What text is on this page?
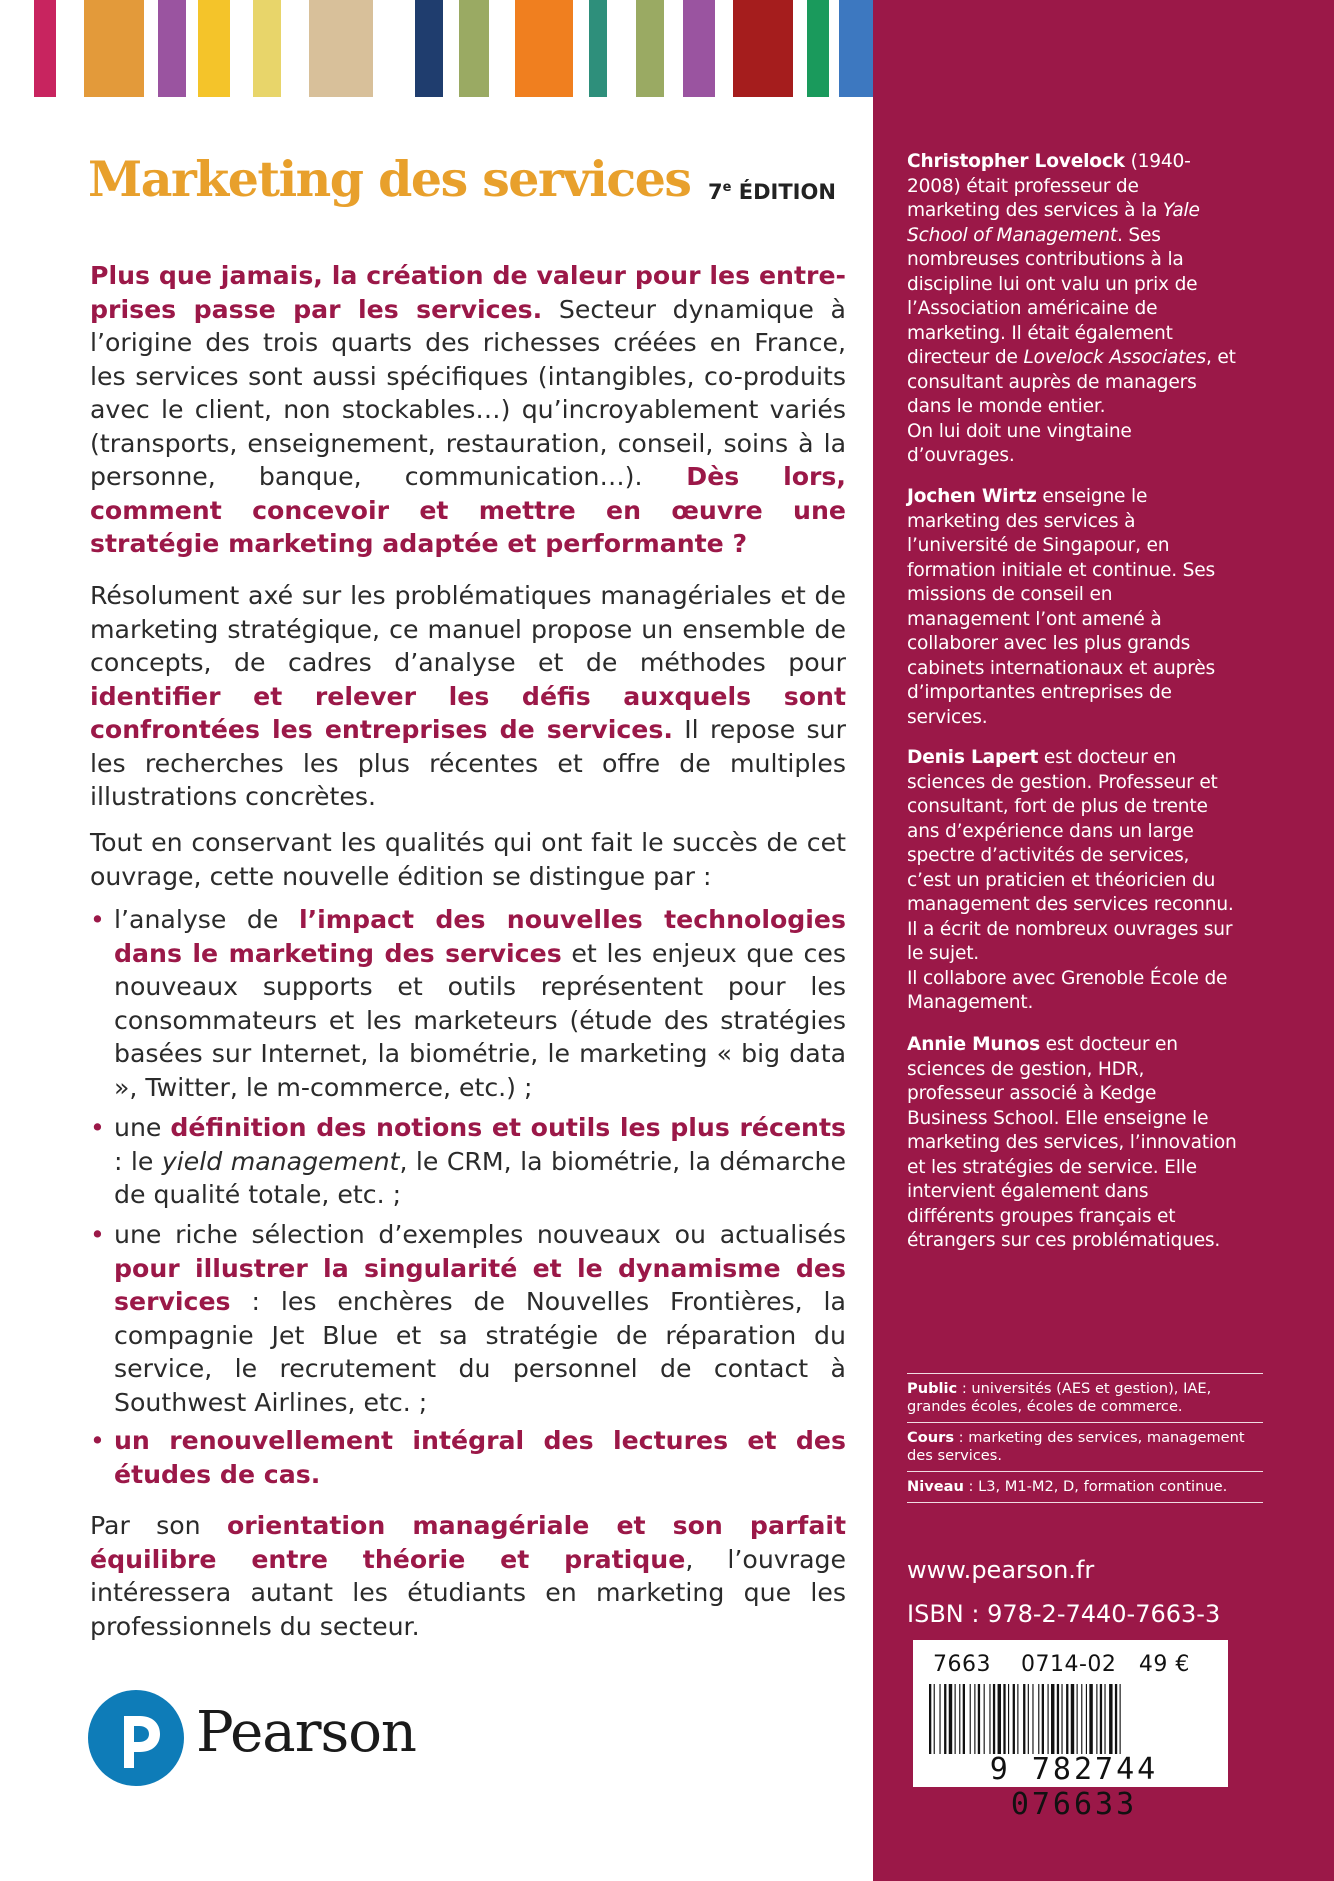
Marketing des services 7e ÉDITION

Plus que jamais, la création de valeur pour les entreprises passe par les services. Secteur dynamique à l’origine des trois quarts des richesses créées en France, les services sont aussi spécifiques (intangibles, co-produits avec le client, non stockables…) qu’incroyablement variés (transports, enseignement, restauration, conseil, soins à la personne, banque, communication…). Dès lors, comment concevoir et mettre en œuvre une stratégie marketing adaptée et performante ?

Résolument axé sur les problématiques managériales et de marketing stratégique, ce manuel propose un ensemble de concepts, de cadres d’analyse et de méthodes pour identifier et relever les défis auxquels sont confrontées les entreprises de services. Il repose sur les recherches les plus récentes et offre de multiples illustrations concrètes.

Tout en conservant les qualités qui ont fait le succès de cet ouvrage, cette nouvelle édition se distingue par :

• l’analyse de l’impact des nouvelles technologies dans le marketing des services et les enjeux que ces nouveaux supports et outils représentent pour les consommateurs et les marketeurs (étude des stratégies basées sur Internet, la biométrie, le marketing « big data », Twitter, le m-commerce, etc.) ;
• une définition des notions et outils les plus récents : le yield management, le CRM, la biométrie, la démarche de qualité totale, etc. ;
• une riche sélection d’exemples nouveaux ou actualisés pour illustrer la singularité et le dynamisme des services : les enchères de Nouvelles Frontières, la compagnie Jet Blue et sa stratégie de réparation du service, le recrutement du personnel de contact à Southwest Airlines, etc. ;
• un renouvellement intégral des lectures et des études de cas.

Par son orientation managériale et son parfait équilibre entre théorie et pratique, l’ouvrage intéressera autant les étudiants en marketing que les professionnels du secteur.

Pearson

Christopher Lovelock (1940-2008) était professeur de marketing des services à la Yale School of Management. Ses nombreuses contributions à la discipline lui ont valu un prix de l’Association américaine de marketing. Il était également directeur de Lovelock Associates, et consultant auprès de managers dans le monde entier.

On lui doit une vingtaine d’ouvrages.

Jochen Wirtz enseigne le marketing des services à l’université de Singapour, en formation initiale et continue. Ses missions de conseil en management l’ont amené à collaborer avec les plus grands cabinets internationaux et auprès d’importantes entreprises de services.

Denis Lapert est docteur en sciences de gestion. Professeur et consultant, fort de plus de trente ans d’expérience dans un large spectre d’activités de services, c’est un praticien et théoricien du management des services reconnu. Il a écrit de nombreux ouvrages sur le sujet.

Il collabore avec Grenoble École de Management.

Annie Munos est docteur en sciences de gestion, HDR, professeur associé à Kedge Business School. Elle enseigne le marketing des services, l’innovation et les stratégies de service. Elle intervient également dans différents groupes français et étrangers sur ces problématiques.

Public : universités (AES et gestion), IAE, grandes écoles, écoles de commerce.
Cours : marketing des services, management des services.
Niveau : L3, M1-M2, D, formation continue.
www.pearson.fr
ISBN : 978-2-7440-7663-3
7663 0714-02 49 €
9 782744 076633
